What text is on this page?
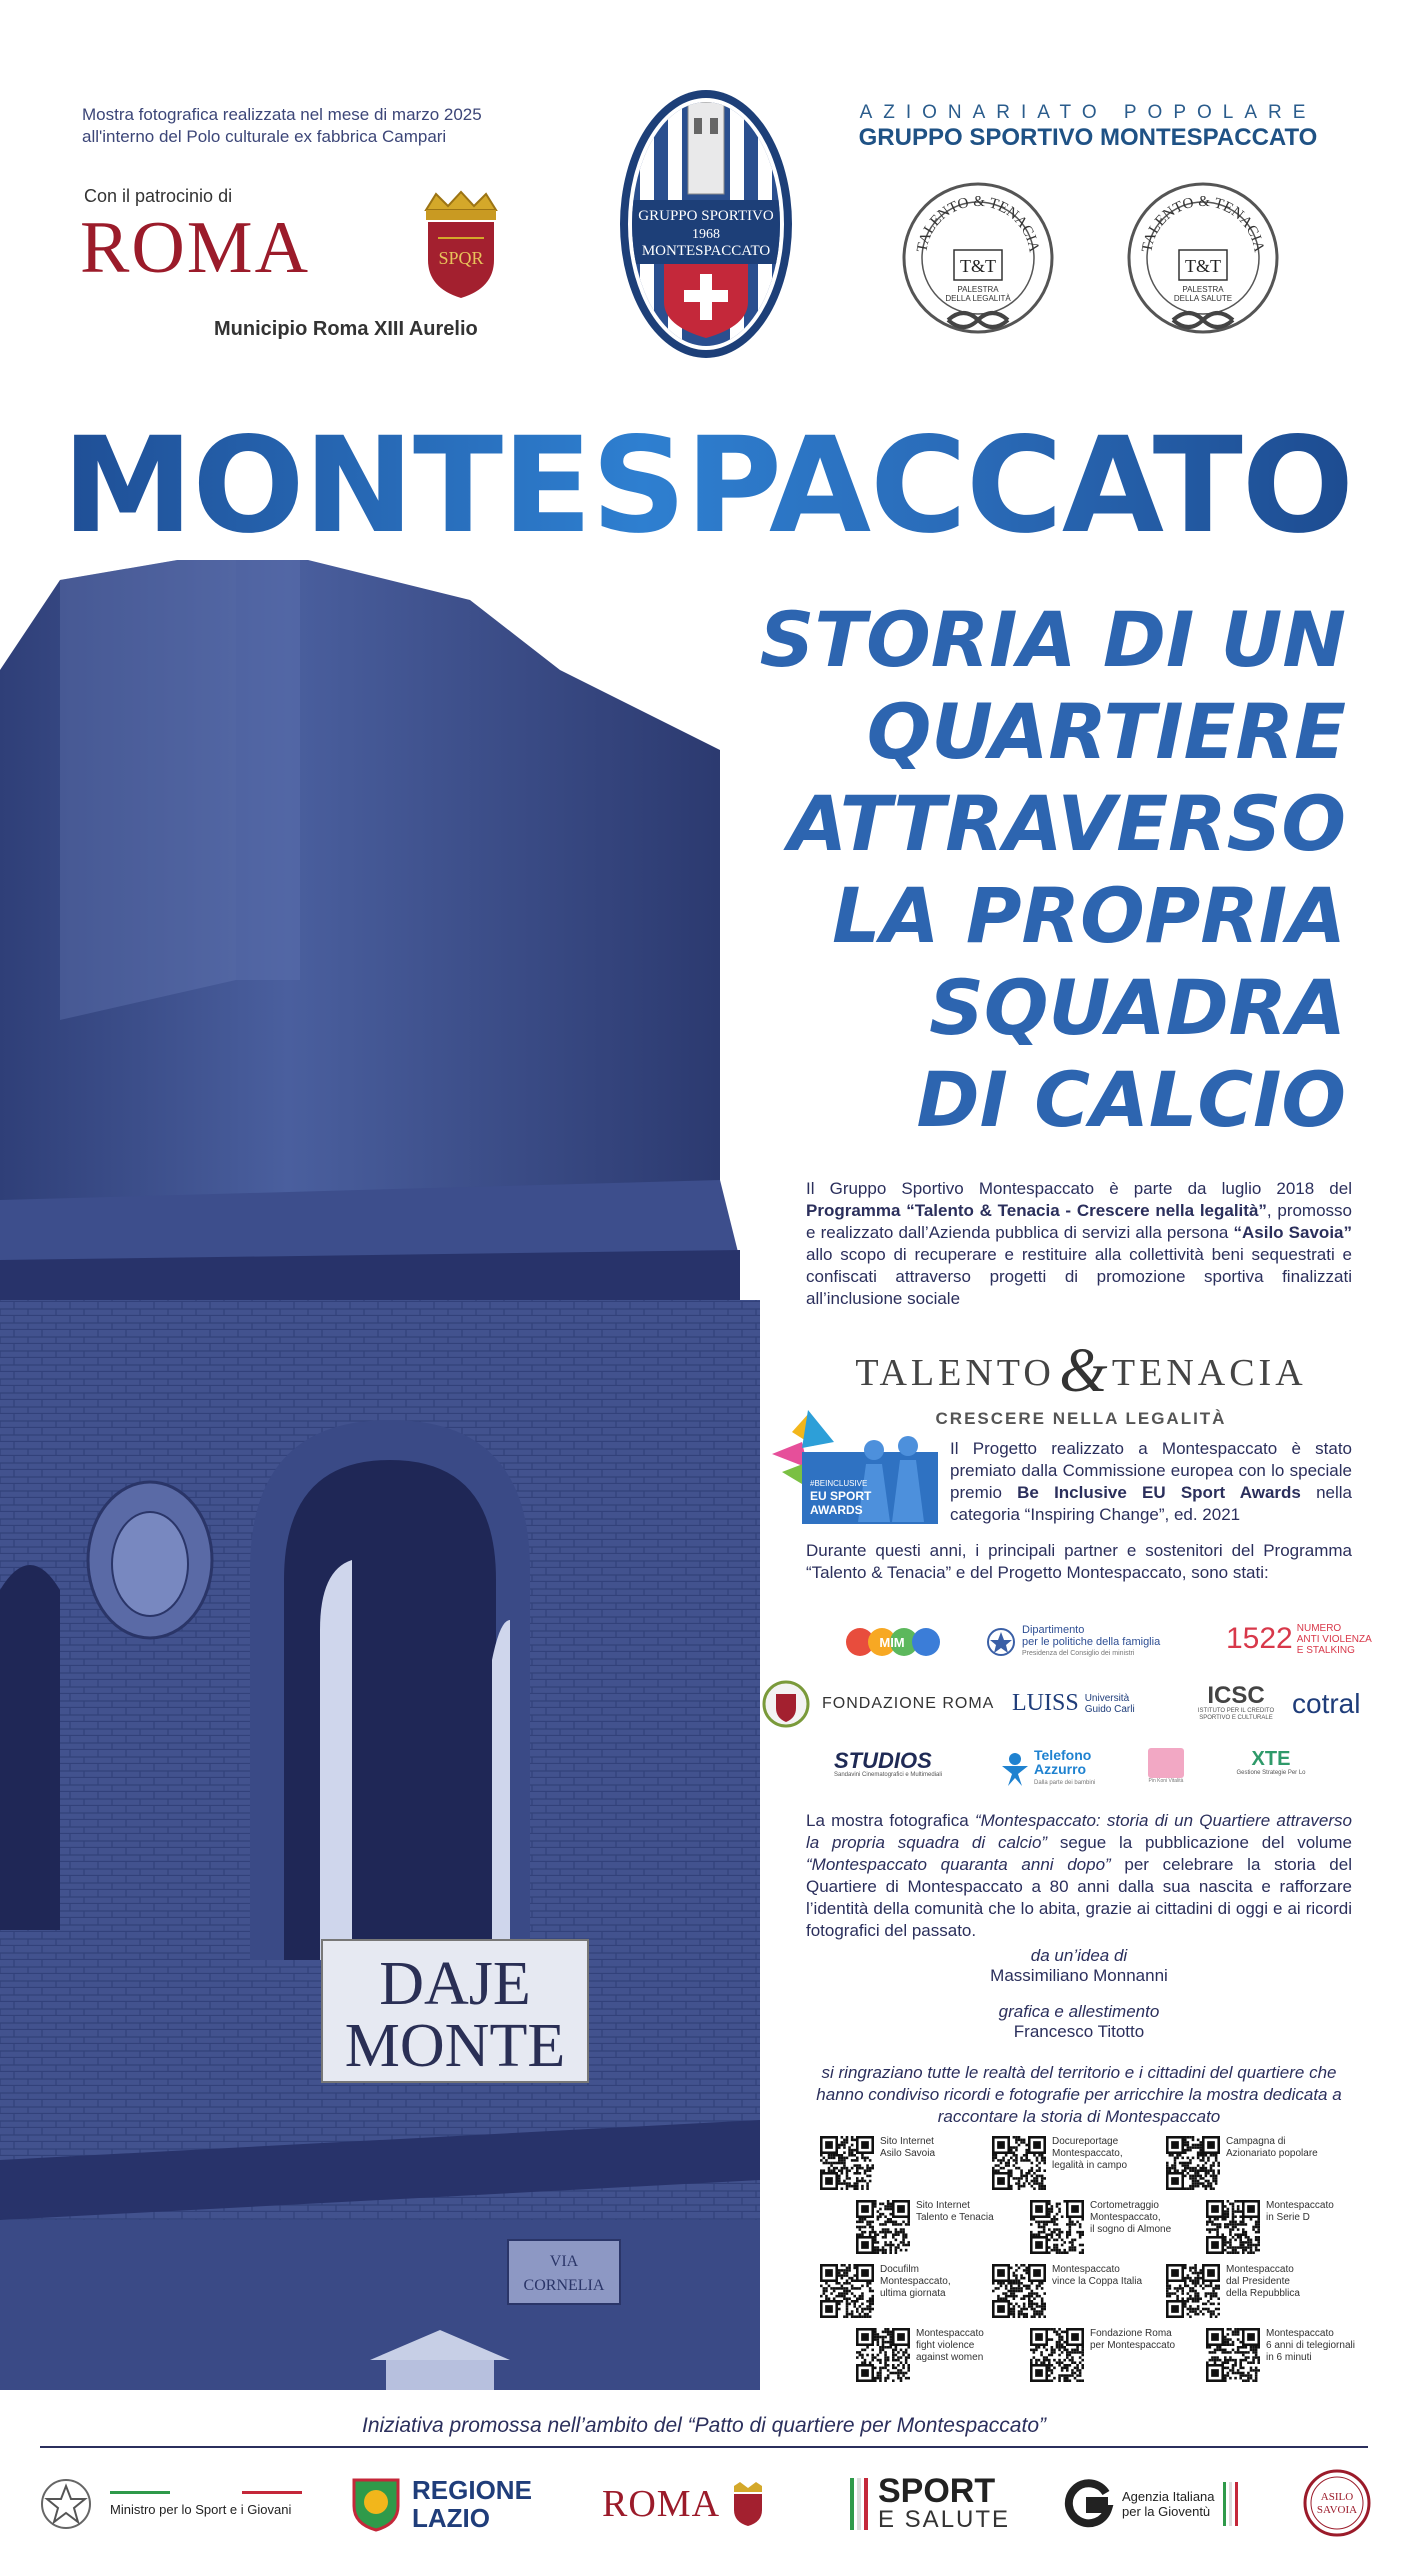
Mostra fotografica realizzata nel mese di marzo 2025
all'interno del Polo culturale ex fabbrica Campari
Con il patrocinio di
ROMA	SPQR
Municipio Roma XIII Aurelio
GRUPPO SPORTIVO
1968
MONTESPACCATO
AZIONARIATO POPOLARE
GRUPPO SPORTIVO MONTESPACCATO
TALENTO & TENACIA
T&T
PALESTRA
DELLA LEGALITÀ
TALENTO & TENACIA
T&T
PALESTRA
DELLA SALUTE
VIA
CORNELIA
DAJE
MONTE
MONTESPACCATO
STORIA DI UN
QUARTIERE
ATTRAVERSO
LA PROPRIA
SQUADRA
DI CALCIO
Il Gruppo Sportivo Montespaccato è parte da luglio 2018 del Programma “Talento & Tenacia - Crescere nella legalità”, promosso e realizzato dall’Azienda pubblica di servizi alla persona “Asilo Savoia” allo scopo di recuperare e restituire alla collettività beni sequestrati e confiscati attraverso progetti di promozione sportiva finalizzati all’inclusione sociale
TALENTO & TENACIA
CRESCERE NELLA LEGALITÀ
#BEINCLUSIVE
EU SPORT
AWARDS
Il Progetto realizzato a Montespaccato è stato premiato dalla Commissione europea con lo speciale premio Be Inclusive EU Sport Awards nella categoria “Inspiring Change”, ed. 2021
Durante questi anni, i principali partner e sostenitori del Programma “Talento & Tenacia” e del Progetto Montespaccato, sono stati:
MIM
Dipartimento
per le politiche della famiglia
Presidenza del Consiglio dei ministri	1522 NUMERO
ANTI VIOLENZA
E STALKING
FONDAZIONE ROMA LUISS Università
Guido Carli	ICSC
ISTITUTO PER IL CREDITO SPORTIVO E CULTURALE cotral
STUDIOS
Sandavini Cinematografici e Multimediali
Telefono
Azzurro
Dalla parte dei bambini	Pin Koni Vitalità
XTE
Gestione Strategie Per Lo
La mostra fotografica “Montespaccato: storia di un Quartiere attraverso la propria squadra di calcio” segue la pubblicazione del volume “Montespaccato quaranta anni dopo” per celebrare la storia del Quartiere di Montespaccato a 80 anni dalla sua nascita e rafforzare l’identità della comunità che lo abita, grazie ai cittadini di oggi e ai ricordi fotografici del passato.
da un’idea di
Massimiliano Monnanni
grafica e allestimento
Francesco Titotto
si ringraziano tutte le realtà del territorio e i cittadini del quartiere che hanno condiviso ricordi e fotografie per arricchire la mostra dedicata a raccontare la storia di Montespaccato
Sito Internet
Asilo Savoia
Docureportage
Montespaccato,
legalità in campo
Campagna di
Azionariato popolare
Sito Internet
Talento e Tenacia
Cortometraggio
Montespaccato,
il sogno di Almone
Montespaccato
in Serie D
Docufilm
Montespaccato,
ultima giornata
Montespaccato
vince la Coppa Italia
Montespaccato
dal Presidente
della Repubblica
Montespaccato
fight violence
against women
Fondazione Roma
per Montespaccato
Montespaccato
6 anni di telegiornali
in 6 minuti
Iniziativa promossa nell’ambito del “Patto di quartiere per Montespaccato”
Ministro per lo Sport e i Giovani
REGIONE
LAZIO	ROMA	SPORT
E SALUTE
Agenzia Italiana
per la Gioventù
ASILO
SAVOIA
